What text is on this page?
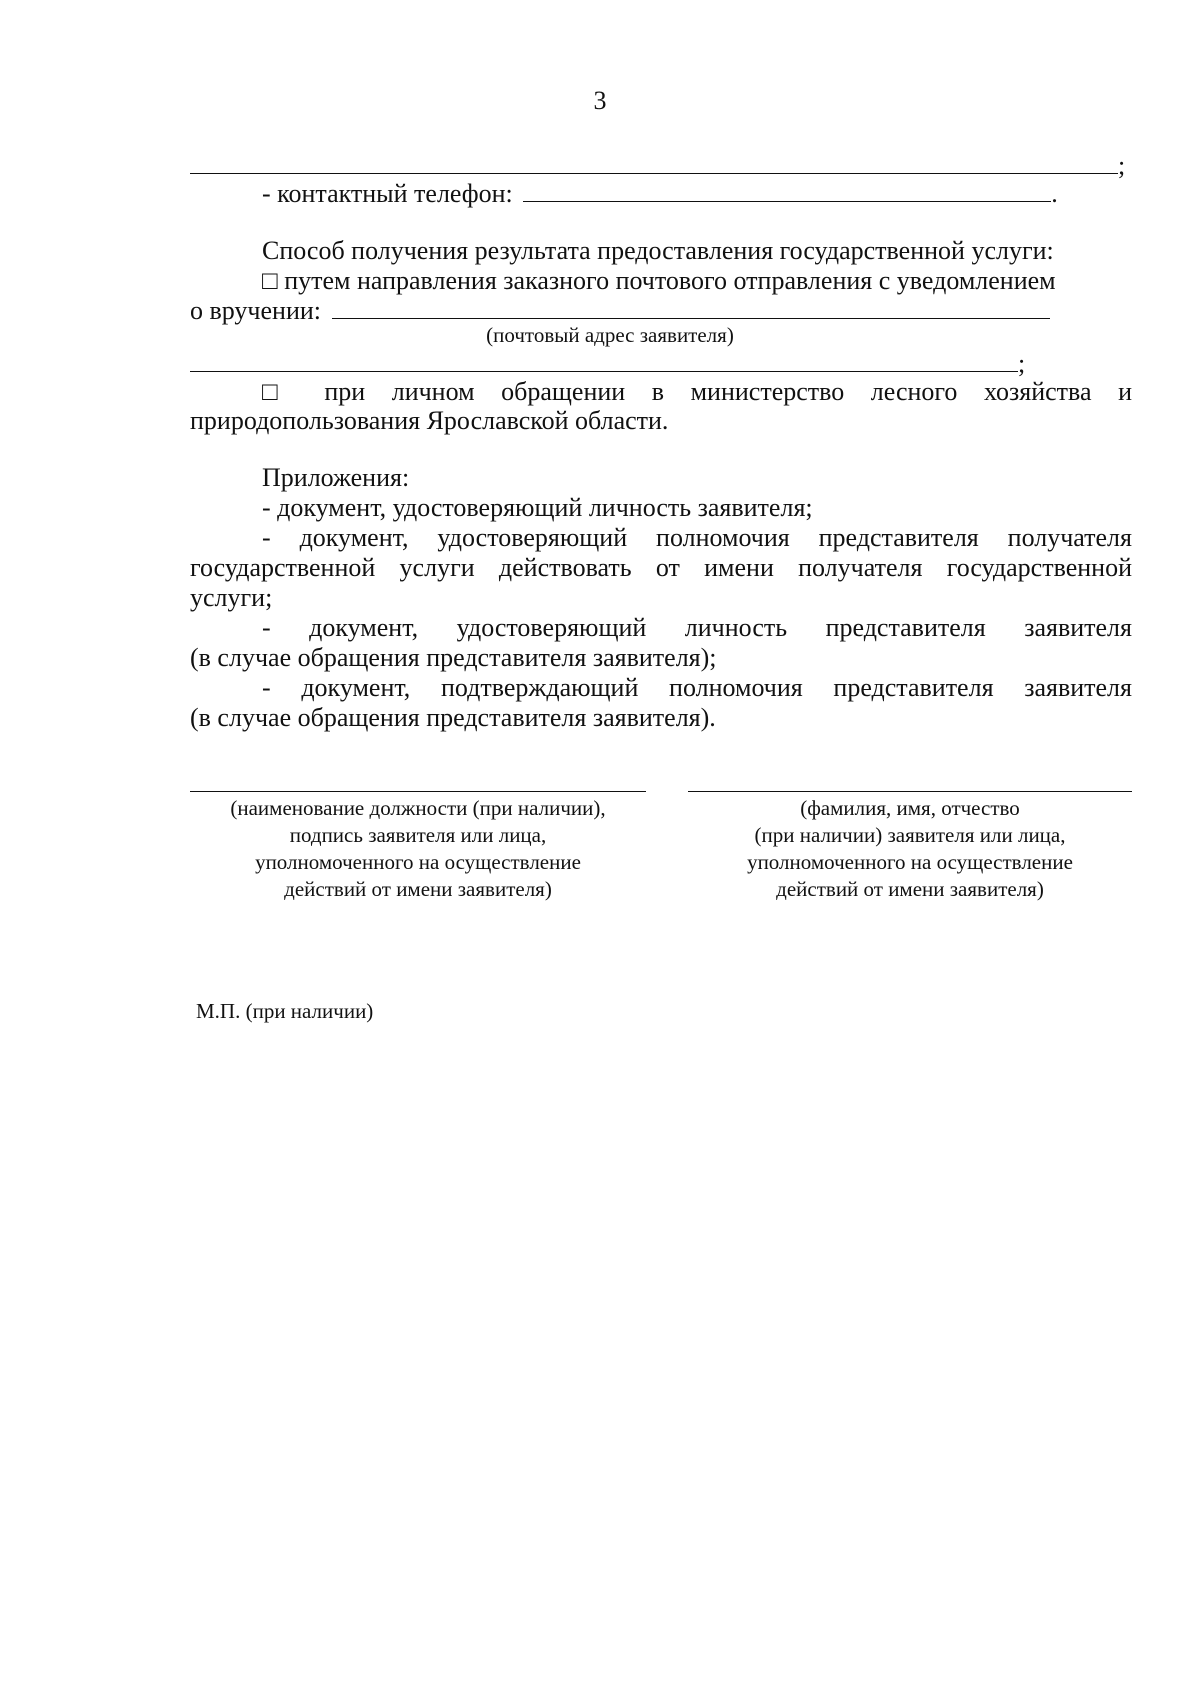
3
;
- контактный телефон:	.
Способ получения результата предоставления государственной услуги:
□ путем направления заказного почтового отправления с уведомлением
о вручении:
(почтовый адрес заявителя)
;
□ при личном обращении в министерство лесного хозяйства и
природопользования Ярославской области.
Приложения:
- документ, удостоверяющий личность заявителя;
- документ, удостоверяющий полномочия представителя получателя
государственной услуги действовать от имени получателя государственной
услуги;
- документ, удостоверяющий личность представителя заявителя
(в случае обращения представителя заявителя);
- документ, подтверждающий полномочия представителя заявителя
(в случае обращения представителя заявителя).
(наименование должности (при наличии),
подпись заявителя или лица,
уполномоченного на осуществление
действий от имени заявителя)
(фамилия, имя, отчество
(при наличии) заявителя или лица,
уполномоченного на осуществление
действий от имени заявителя)
М.П. (при наличии)
